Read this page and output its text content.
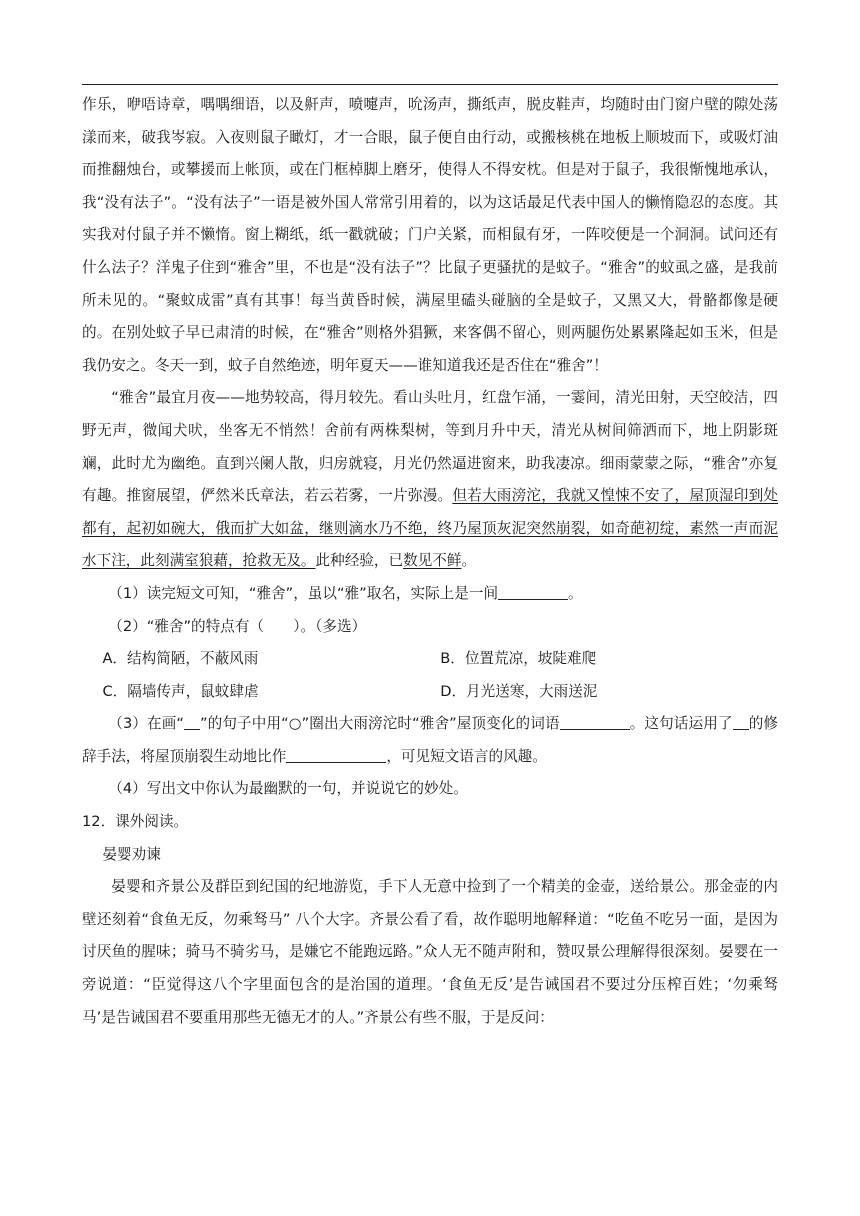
作乐，咿唔诗章，喁喁细语，以及鼾声，喷嚏声，吮汤声，撕纸声，脱皮鞋声，均随时由门窗户壁的隙处荡漾而来，破我岑寂。入夜则鼠子瞰灯，才一合眼，鼠子便自由行动，或搬核桃在地板上顺坡而下，或吸灯油而推翻烛台，或攀援而上帐顶，或在门框棹脚上磨牙，使得人不得安枕。但是对于鼠子，我很惭愧地承认，我“没有法子”。“没有法子”一语是被外国人常常引用着的，以为这话最足代表中国人的懒惰隐忍的态度。其实我对付鼠子并不懒惰。窗上糊纸，纸一戳就破；门户关紧，而相鼠有牙，一阵咬便是一个洞洞。试问还有什么法子？洋鬼子住到“雅舍”里，不也是“没有法子”？比鼠子更骚扰的是蚊子。“雅舍”的蚊虱之盛，是我前所未见的。“聚蚊成雷”真有其事！每当黄昏时候，满屋里磕头碰脑的全是蚊子，又黑又大，骨骼都像是硬的。在别处蚊子早已肃清的时候，在“雅舍”则格外猖獗，来客偶不留心，则两腿伤处累累隆起如玉米，但是我仍安之。冬天一到，蚊子自然绝迹，明年夏天——谁知道我还是否住在“雅舍”！

“雅舍”最宜月夜——地势较高，得月较先。看山头吐月，红盘乍涌，一霎间，清光田射，天空皎洁，四野无声，微闻犬吠，坐客无不悄然！舍前有两株梨树，等到月升中天，清光从树间筛洒而下，地上阴影斑斓，此时尤为幽绝。直到兴阑人散，归房就寝，月光仍然逼进窗来，助我凄凉。细雨蒙蒙之际，“雅舍”亦复有趣。推窗展望，俨然米氏章法，若云若雾，一片弥漫。但若大雨滂沱，我就又惶悚不安了，屋顶湿印到处都有，起初如碗大，俄而扩大如盆，继则滴水乃不绝，终乃屋顶灰泥突然崩裂，如奇葩初绽，素然一声而泥水下注，此刻满室狼藉，抢救无及。此种经验，已数见不鲜。

（1）读完短文可知，“雅舍”，虽以“雅”取名，实际上是一间	。

（2）“雅舍”的特点有（　　）。（多选）

A．结构简陋，不蔽风雨	B．位置荒凉，坡陡难爬
C．隔墙传声，鼠蚊肆虐	D．月光送寒，大雨送泥

（3）在画“ ”的句子中用“○”圈出大雨滂沱时“雅舍”屋顶变化的词语	。这句话运用了 的修辞手法，将屋顶崩裂生动地比作	，可见短文语言的风趣。

（4）写出文中你认为最幽默的一句，并说说它的妙处。

12．课外阅读。

晏婴劝谏

晏婴和齐景公及群臣到纪国的纪地游览，手下人无意中捡到了一个精美的金壶，送给景公。那金壶的内壁还刻着“食鱼无反，勿乘驽马” 八个大字。齐景公看了看，故作聪明地解释道：“吃鱼不吃另一面，是因为讨厌鱼的腥味；骑马不骑劣马，是嫌它不能跑远路。”众人无不随声附和，赞叹景公理解得很深刻。晏婴在一旁说道：“臣觉得这八个字里面包含的是治国的道理。‘食鱼无反’是告诫国君不要过分压榨百姓；‘勿乘驽马’是告诫国君不要重用那些无德无才的人。”齐景公有些不服，于是反问：
